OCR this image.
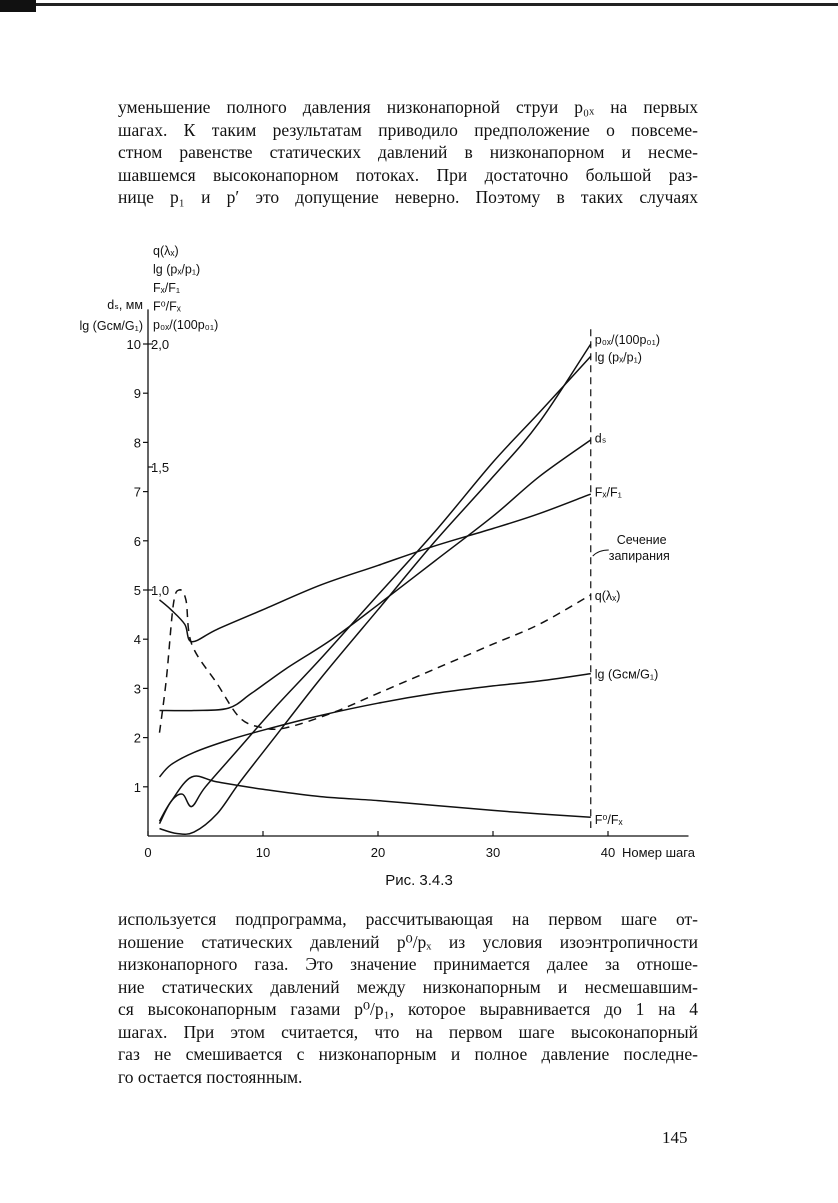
уменьшение полного давления низконапорной струи p₀ₓ на первых
шагах. К таким результатам приводило предположение о повсеме-
стном равенстве статических давлений в низконапорном и несме-
шавшемся высоконапорном потоках. При достаточно большой раз-
нице p₁ и p′ это допущение неверно. Поэтому в таких случаях
1
2
3
4
5
6
7
8
9
10
1,0
1,5
2,0
0	10	20	30	40 Номер шага
dₛ, мм
lg (Gсм/G₁)
q(λₓ)
lg (pₓ/p₁)
Fₓ/F₁
F⁰/Fₓ
p₀ₓ/(100p₀₁)
Сечение
запирания
p₀ₓ/(100p₀₁)
lg (pₓ/p₁)
dₛ
Fₓ/F₁
q(λₓ)
lg (Gсм/G₁)
F⁰/Fₓ
Рис. 3.4.3
используется подпрограмма, рассчитывающая на первом шаге от-
ношение статических давлений p⁰/pₓ из условия изоэнтропичности
низконапорного газа. Это значение принимается далее за отноше-
ние статических давлений между низконапорным и несмешавшим-
ся высоконапорным газами p⁰/p₁, которое выравнивается до 1 на 4
шагах. При этом считается, что на первом шаге высоконапорный
газ не смешивается с низконапорным и полное давление последне-
го остается постоянным.
145
